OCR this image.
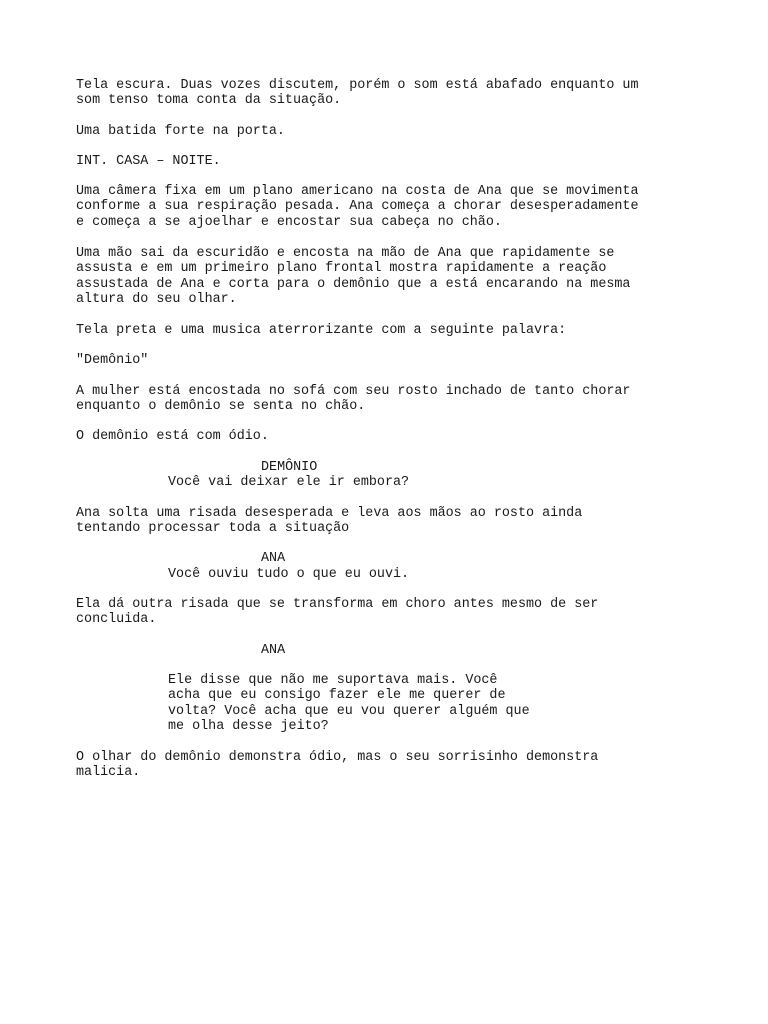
Tela escura. Duas vozes discutem, porém o som está abafado enquanto um
som tenso toma conta da situação.

Uma batida forte na porta.

INT. CASA – NOITE.

Uma câmera fixa em um plano americano na costa de Ana que se movimenta
conforme a sua respiração pesada. Ana começa a chorar desesperadamente
e começa a se ajoelhar e encostar sua cabeça no chão.

Uma mão sai da escuridão e encosta na mão de Ana que rapidamente se
assusta e em um primeiro plano frontal mostra rapidamente a reação
assustada de Ana e corta para o demônio que a está encarando na mesma
altura do seu olhar.

Tela preta e uma musica aterrorizante com a seguinte palavra:

"Demônio"

A mulher está encostada no sofá com seu rosto inchado de tanto chorar
enquanto o demônio se senta no chão.

O demônio está com ódio.

DEMÔNIO

Você vai deixar ele ir embora?

Ana solta uma risada desesperada e leva aos mãos ao rosto ainda
tentando processar toda a situação

ANA

Você ouviu tudo o que eu ouvi.

Ela dá outra risada que se transforma em choro antes mesmo de ser
concluida.

ANA

Ele disse que não me suportava mais. Você
acha que eu consigo fazer ele me querer de
volta? Você acha que eu vou querer alguém que
me olha desse jeito?

O olhar do demônio demonstra ódio, mas o seu sorrisinho demonstra
malicia.
